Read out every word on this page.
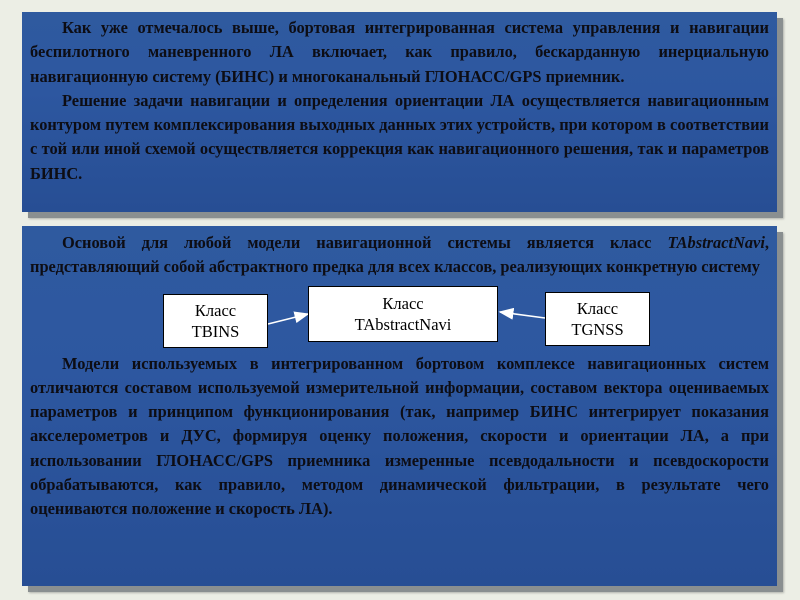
Как уже отмечалось выше, бортовая интегрированная система управления и навигации беспилотного маневренного ЛА включает, как правило, бескарданную инерциальную навигационную систему (БИНС) и многоканальный ГЛОНАСС/GPS приемник.

Решение задачи навигации и определения ориентации ЛА осуществляется навигационным контуром путем комплексирования выходных данных этих устройств, при котором в соответствии с той или иной схемой осуществляется коррекция как навигационного решения, так и параметров БИНС.

Основой для любой модели навигационной системы является класс TAbstractNavi, представляющий собой абстрактного предка для всех классов, реализующих конкретную систему

Класс
TBINS
Класс
TAbstractNavi
Класс
TGNSS

Модели используемых в интегрированном бортовом комплексе навигационных систем отличаются составом используемой измерительной информации, составом вектора оцениваемых параметров и принципом функционирования (так, например БИНС интегрирует показания акселерометров и ДУС, формируя оценку положения, скорости и ориентации ЛА, а при использовании ГЛОНАСС/GPS приемника измеренные псевдодальности и псевдоскорости обрабатываются, как правило, методом динамической фильтрации, в результате чего оцениваются положение и скорость ЛА).
